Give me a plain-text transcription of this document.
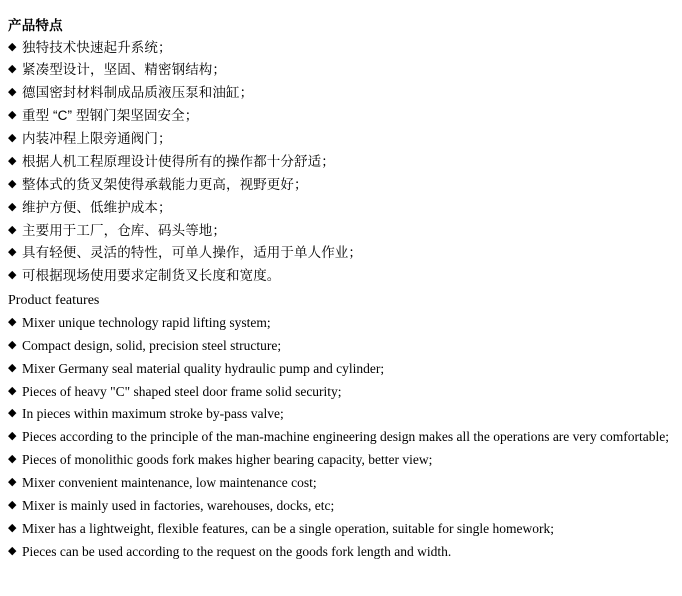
产品特点
◆ 独特技术快速起升系统；
◆ 紧凑型设计，坚固、精密钢结构；
◆ 德国密封材料制成品质液压泵和油缸；
◆ 重型 “C” 型钢门架坚固安全；
◆ 内装冲程上限旁通阀门；
◆ 根据人机工程原理设计使得所有的操作都十分舒适；
◆ 整体式的货叉架使得承载能力更高，视野更好；
◆ 维护方便、低维护成本；
◆ 主要用于工厂，仓库、码头等地；
◆ 具有轻便、灵活的特性，可单人操作，适用于单人作业；
◆ 可根据现场使用要求定制货叉长度和宽度。

Product features

◆ Mixer unique technology rapid lifting system;
◆ Compact design, solid, precision steel structure;
◆ Mixer Germany seal material quality hydraulic pump and cylinder;
◆ Pieces of heavy "C" shaped steel door frame solid security;
◆ In pieces within maximum stroke by-pass valve;
◆ Pieces according to the principle of the man-machine engineering design makes all the operations are very comfortable;
◆ Pieces of monolithic goods fork makes higher bearing capacity, better view;
◆ Mixer convenient maintenance, low maintenance cost;
◆ Mixer is mainly used in factories, warehouses, docks, etc;
◆ Mixer has a lightweight, flexible features, can be a single operation, suitable for single homework;
◆ Pieces can be used according to the request on the goods fork length and width.
